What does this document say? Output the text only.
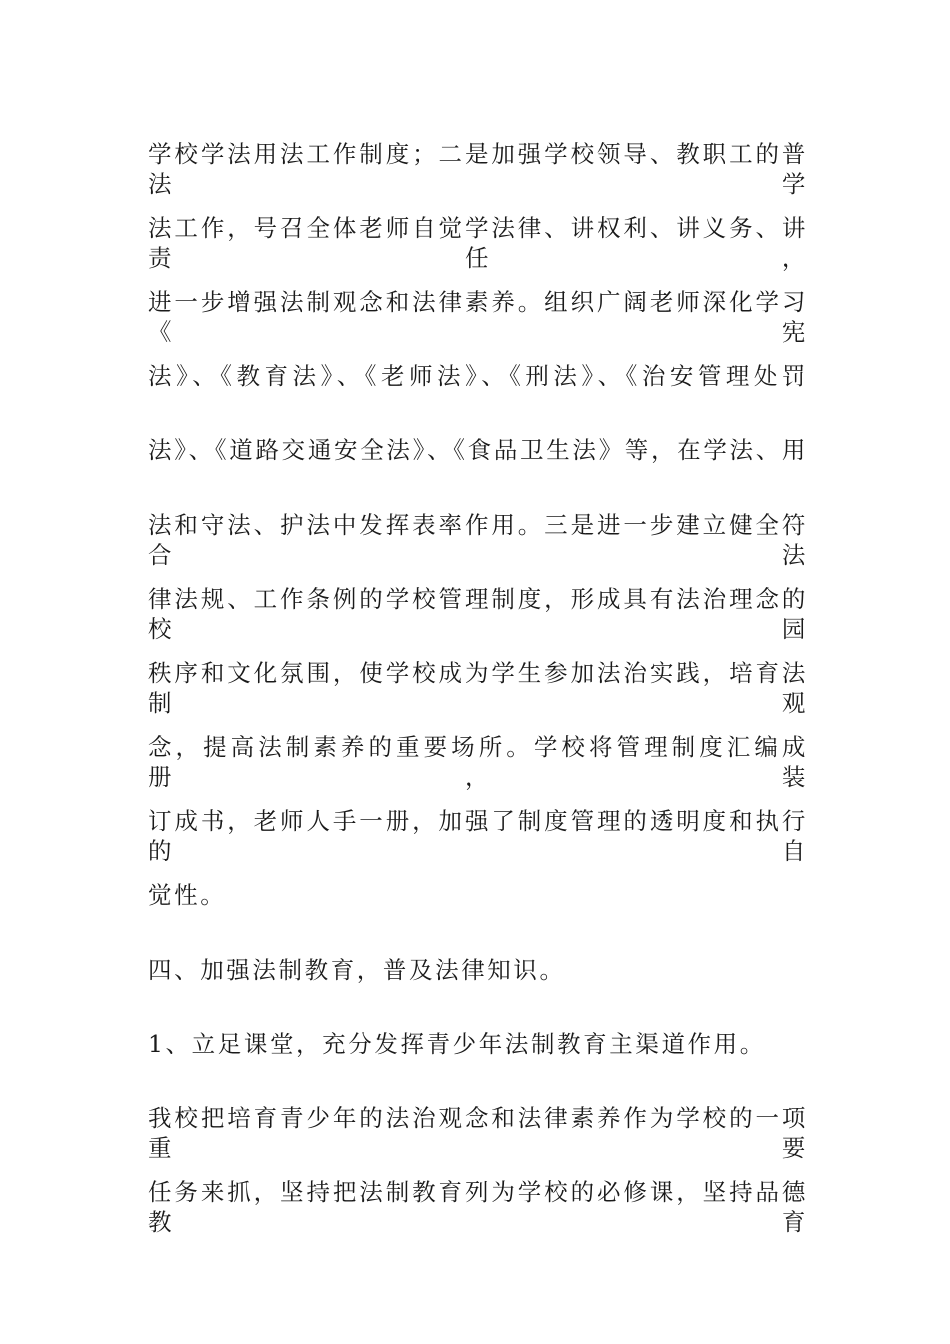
学校学法用法工作制度；二是加强学校领导、教职工的普法学
法工作，号召全体老师自觉学法律、讲权利、讲义务、讲责任，
进一步增强法制观念和法律素养。组织广阔老师深化学习《宪
法》、《教育法》、《老师法》、《刑法》、《治安管理处罚
法》、《道路交通安全法》、《食品卫生法》等，在学法、用
法和守法、护法中发挥表率作用。三是进一步建立健全符合法
律法规、工作条例的学校管理制度，形成具有法治理念的校园
秩序和文化氛围，使学校成为学生参加法治实践，培育法制观
念，提高法制素养的重要场所。学校将管理制度汇编成册，装
订成书，老师人手一册，加强了制度管理的透明度和执行的自
觉性。
四、加强法制教育，普及法律知识。
1、立足课堂，充分发挥青少年法制教育主渠道作用。
我校把培育青少年的法治观念和法律素养作为学校的一项重要
任务来抓，坚持把法制教育列为学校的必修课，坚持品德教育
